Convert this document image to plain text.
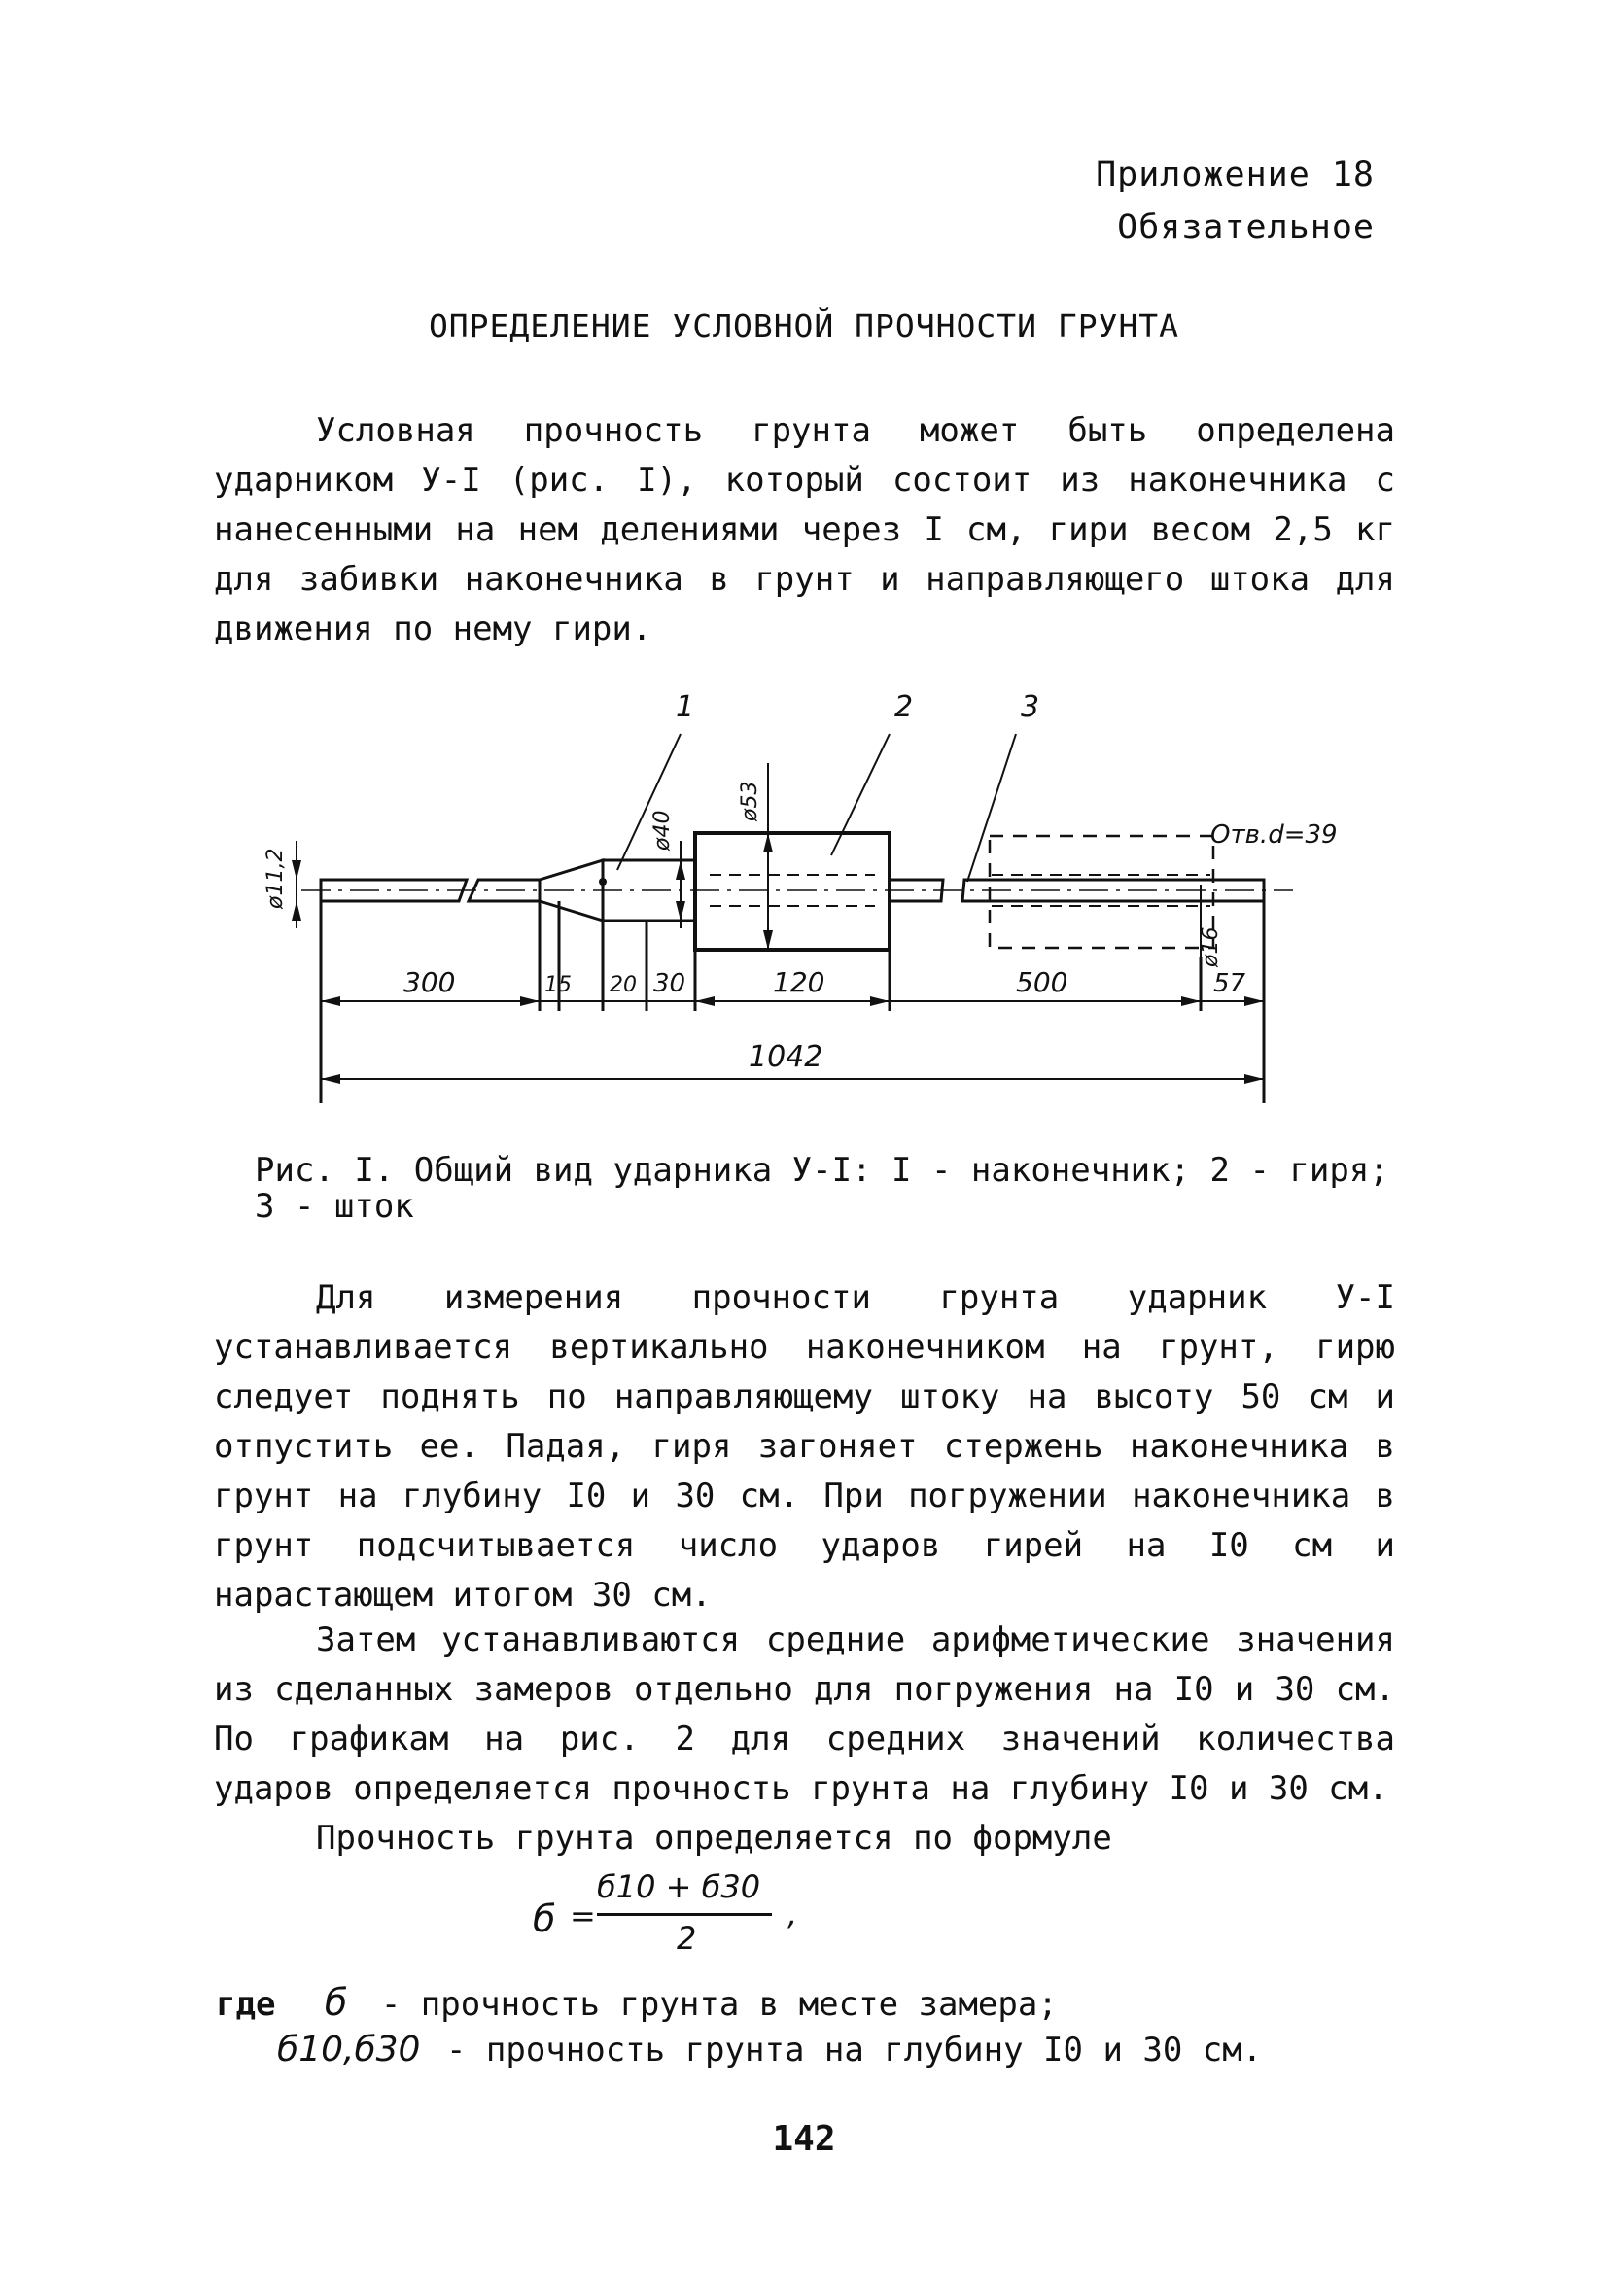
Приложение 18
Обязательное
ОПРЕДЕЛЕНИЕ УСЛОВНОЙ ПРОЧНОСТИ ГРУНТА

Условная прочность грунта может быть определена ударником У-I (рис. I), который состоит из наконечника с нанесенными на нем делениями через I см, гири весом 2,5 кг для забивки наконечника в грунт и направляющего штока для движения по нему гири.

1	2	3
ø11,2
ø40
ø53
ø16
Отв.d=39
300	15 20 30	120	500	57
1042

Рис. I. Общий вид ударника У-I: I - наконечник; 2 - гиря;

3 - шток

Для измерения прочности грунта ударник У-I устанавливается вертикально наконечником на грунт, гирю следует поднять по направляющему штоку на высоту 50 см и отпустить ее. Падая, гиря загоняет стержень наконечника в грунт на глубину I0 и 30 см. При погружении наконечника в грунт подсчитывается число ударов гирей на I0 см и нарастающем итогом 30 см.

Затем устанавливаются средние арифметические значения из сделанных замеров отдельно для погружения на I0 и 30 см. По графикам на рис. 2 для средних значений количества ударов определяется прочность грунта на глубину I0 и 30 см.

Прочность грунта определяется по формуле

б =
б10 + б30
2
,
где б - прочность грунта в месте замера;
б10,б30 - прочность грунта на глубину I0 и 30 см.
142
